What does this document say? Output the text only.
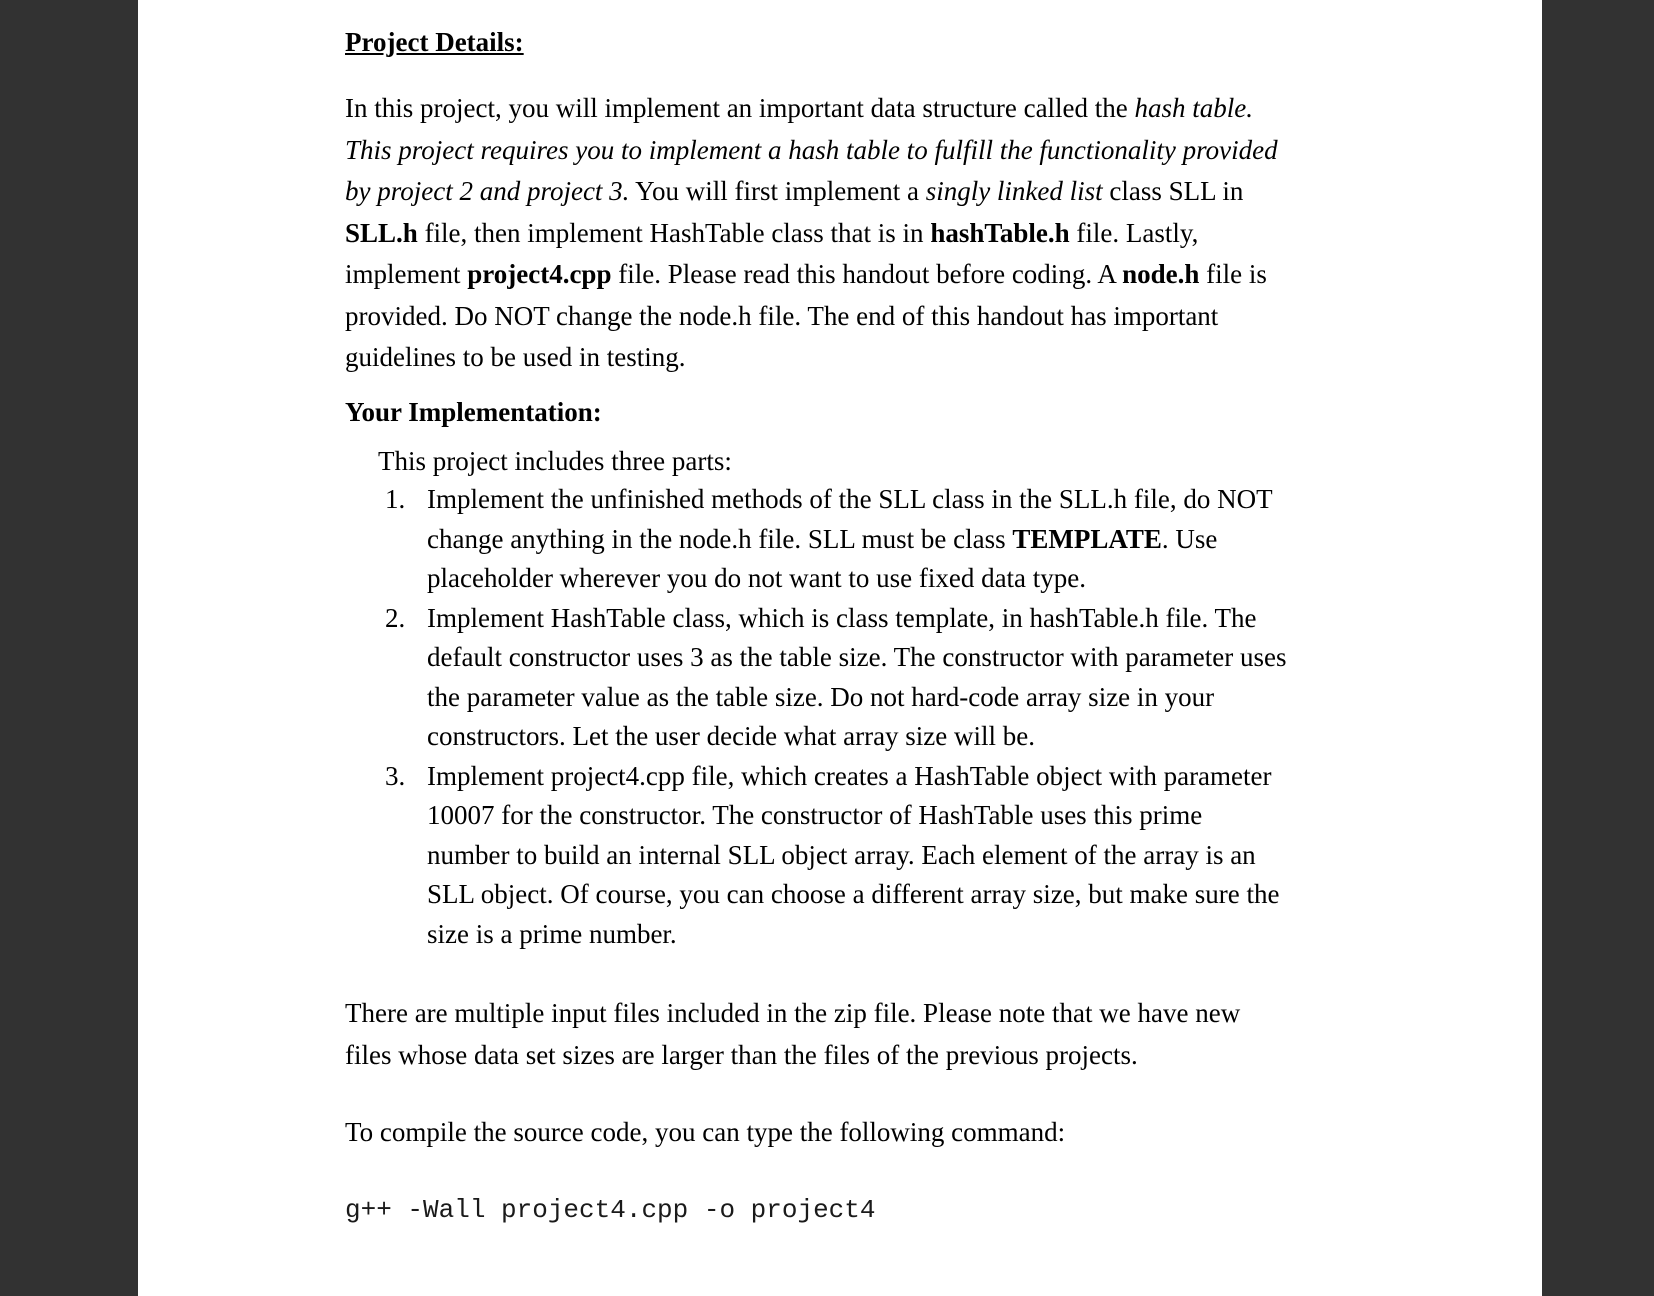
Project Details:
In this project, you will implement an important data structure called the hash table.
This project requires you to implement a hash table to fulfill the functionality provided
by project 2 and project 3. You will first implement a singly linked list class SLL in
SLL.h file, then implement HashTable class that is in hashTable.h file. Lastly,
implement project4.cpp file. Please read this handout before coding. A node.h file is
provided. Do NOT change the node.h file. The end of this handout has important
guidelines to be used in testing.
Your Implementation:
This project includes three parts:
1. Implement the unfinished methods of the SLL class in the SLL.h file, do NOT
change anything in the node.h file. SLL must be class TEMPLATE. Use
placeholder wherever you do not want to use fixed data type.
2. Implement HashTable class, which is class template, in hashTable.h file. The
default constructor uses 3 as the table size. The constructor with parameter uses
the parameter value as the table size. Do not hard-code array size in your
constructors. Let the user decide what array size will be.
3. Implement project4.cpp file, which creates a HashTable object with parameter
10007 for the constructor. The constructor of HashTable uses this prime
number to build an internal SLL object array. Each element of the array is an
SLL object. Of course, you can choose a different array size, but make sure the
size is a prime number.
There are multiple input files included in the zip file. Please note that we have new
files whose data set sizes are larger than the files of the previous projects.
To compile the source code, you can type the following command:
g++ -Wall project4.cpp -o project4
